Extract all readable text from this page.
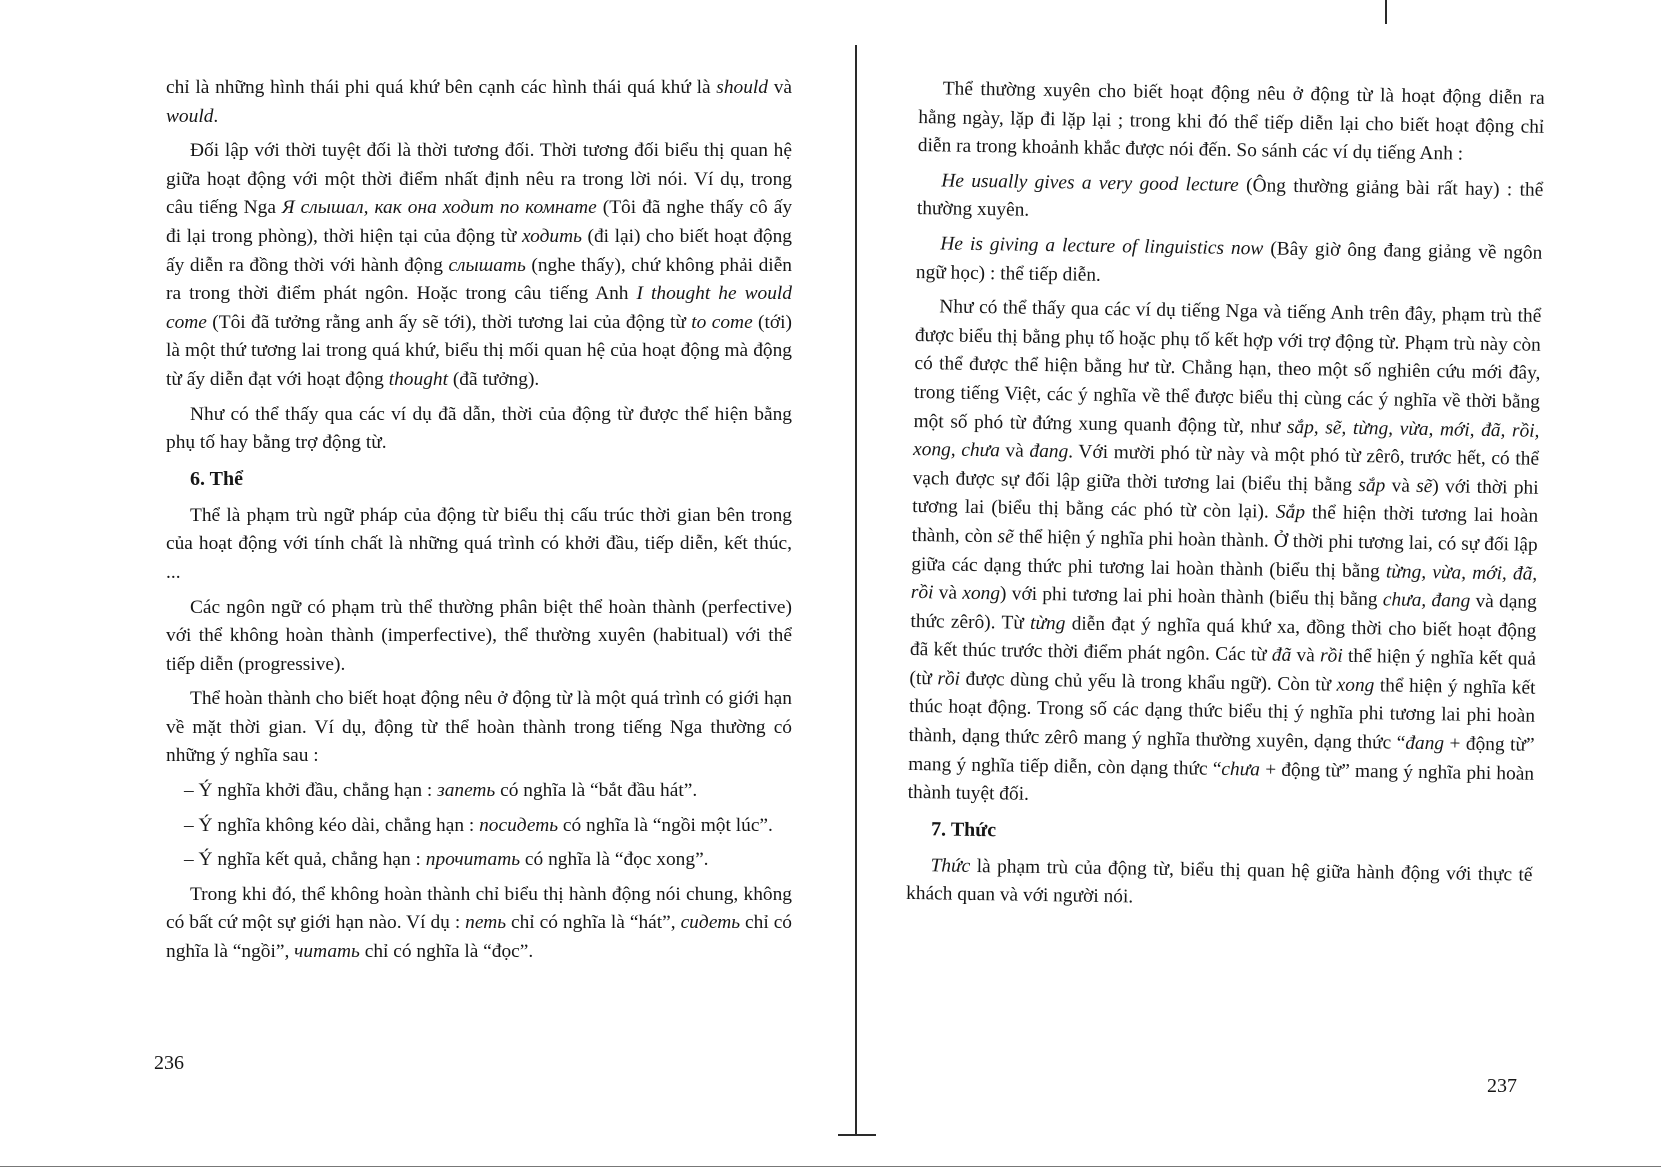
chỉ là những hình thái phi quá khứ bên cạnh các hình thái quá khứ là should và would.

Đối lập với thời tuyệt đối là thời tương đối. Thời tương đối biểu thị quan hệ giữa hoạt động với một thời điểm nhất định nêu ra trong lời nói. Ví dụ, trong câu tiếng Nga Я слышал, как она ходит по комнате (Tôi đã nghe thấy cô ấy đi lại trong phòng), thời hiện tại của động từ ходить (đi lại) cho biết hoạt động ấy diễn ra đồng thời với hành động слышать (nghe thấy), chứ không phải diễn ra trong thời điểm phát ngôn. Hoặc trong câu tiếng Anh I thought he would come (Tôi đã tưởng rằng anh ấy sẽ tới), thời tương lai của động từ to come (tới) là một thứ tương lai trong quá khứ, biểu thị mối quan hệ của hoạt động mà động từ ấy diễn đạt với hoạt động thought (đã tưởng).

Như có thể thấy qua các ví dụ đã dẫn, thời của động từ được thể hiện bằng phụ tố hay bằng trợ động từ.

6. Thể

Thể là phạm trù ngữ pháp của động từ biểu thị cấu trúc thời gian bên trong của hoạt động với tính chất là những quá trình có khởi đầu, tiếp diễn, kết thúc, ...

Các ngôn ngữ có phạm trù thể thường phân biệt thể hoàn thành (perfective) với thể không hoàn thành (imperfective), thể thường xuyên (habitual) với thể tiếp diễn (progressive).

Thể hoàn thành cho biết hoạt động nêu ở động từ là một quá trình có giới hạn về mặt thời gian. Ví dụ, động từ thể hoàn thành trong tiếng Nga thường có những ý nghĩa sau :

– Ý nghĩa khởi đầu, chẳng hạn : запеть có nghĩa là “bắt đầu hát”.

– Ý nghĩa không kéo dài, chẳng hạn : посидеть có nghĩa là “ngồi một lúc”.

– Ý nghĩa kết quả, chẳng hạn : прочитать có nghĩa là “đọc xong”.

Trong khi đó, thể không hoàn thành chỉ biểu thị hành động nói chung, không có bất cứ một sự giới hạn nào. Ví dụ : петь chỉ có nghĩa là “hát”, сидеть chỉ có nghĩa là “ngồi”, читать chỉ có nghĩa là “đọc”.

236

Thể thường xuyên cho biết hoạt động nêu ở động từ là hoạt động diễn ra hằng ngày, lặp đi lặp lại ; trong khi đó thể tiếp diễn lại cho biết hoạt động chỉ diễn ra trong khoảnh khắc được nói đến. So sánh các ví dụ tiếng Anh :

He usually gives a very good lecture (Ông thường giảng bài rất hay) : thể thường xuyên.

He is giving a lecture of linguistics now (Bây giờ ông đang giảng về ngôn ngữ học) : thể tiếp diễn.

Như có thể thấy qua các ví dụ tiếng Nga và tiếng Anh trên đây, phạm trù thể được biểu thị bằng phụ tố hoặc phụ tố kết hợp với trợ động từ. Phạm trù này còn có thể được thể hiện bằng hư từ. Chẳng hạn, theo một số nghiên cứu mới đây, trong tiếng Việt, các ý nghĩa về thể được biểu thị cùng các ý nghĩa về thời bằng một số phó từ đứng xung quanh động từ, như sắp, sẽ, từng, vừa, mới, đã, rồi, xong, chưa và đang. Với mười phó từ này và một phó từ zêrô, trước hết, có thể vạch được sự đối lập giữa thời tương lai (biểu thị bằng sắp và sẽ) với thời phi tương lai (biểu thị bằng các phó từ còn lại). Sắp thể hiện thời tương lai hoàn thành, còn sẽ thể hiện ý nghĩa phi hoàn thành. Ở thời phi tương lai, có sự đối lập giữa các dạng thức phi tương lai hoàn thành (biểu thị bằng từng, vừa, mới, đã, rồi và xong) với phi tương lai phi hoàn thành (biểu thị bằng chưa, đang và dạng thức zêrô). Từ từng diễn đạt ý nghĩa quá khứ xa, đồng thời cho biết hoạt động đã kết thúc trước thời điểm phát ngôn. Các từ đã và rồi thể hiện ý nghĩa kết quả (từ rồi được dùng chủ yếu là trong khẩu ngữ). Còn từ xong thể hiện ý nghĩa kết thúc hoạt động. Trong số các dạng thức biểu thị ý nghĩa phi tương lai phi hoàn thành, dạng thức zêrô mang ý nghĩa thường xuyên, dạng thức “đang + động từ” mang ý nghĩa tiếp diễn, còn dạng thức “chưa + động từ” mang ý nghĩa phi hoàn thành tuyệt đối.

7. Thức

Thức là phạm trù của động từ, biểu thị quan hệ giữa hành động với thực tế khách quan và với người nói.

237
